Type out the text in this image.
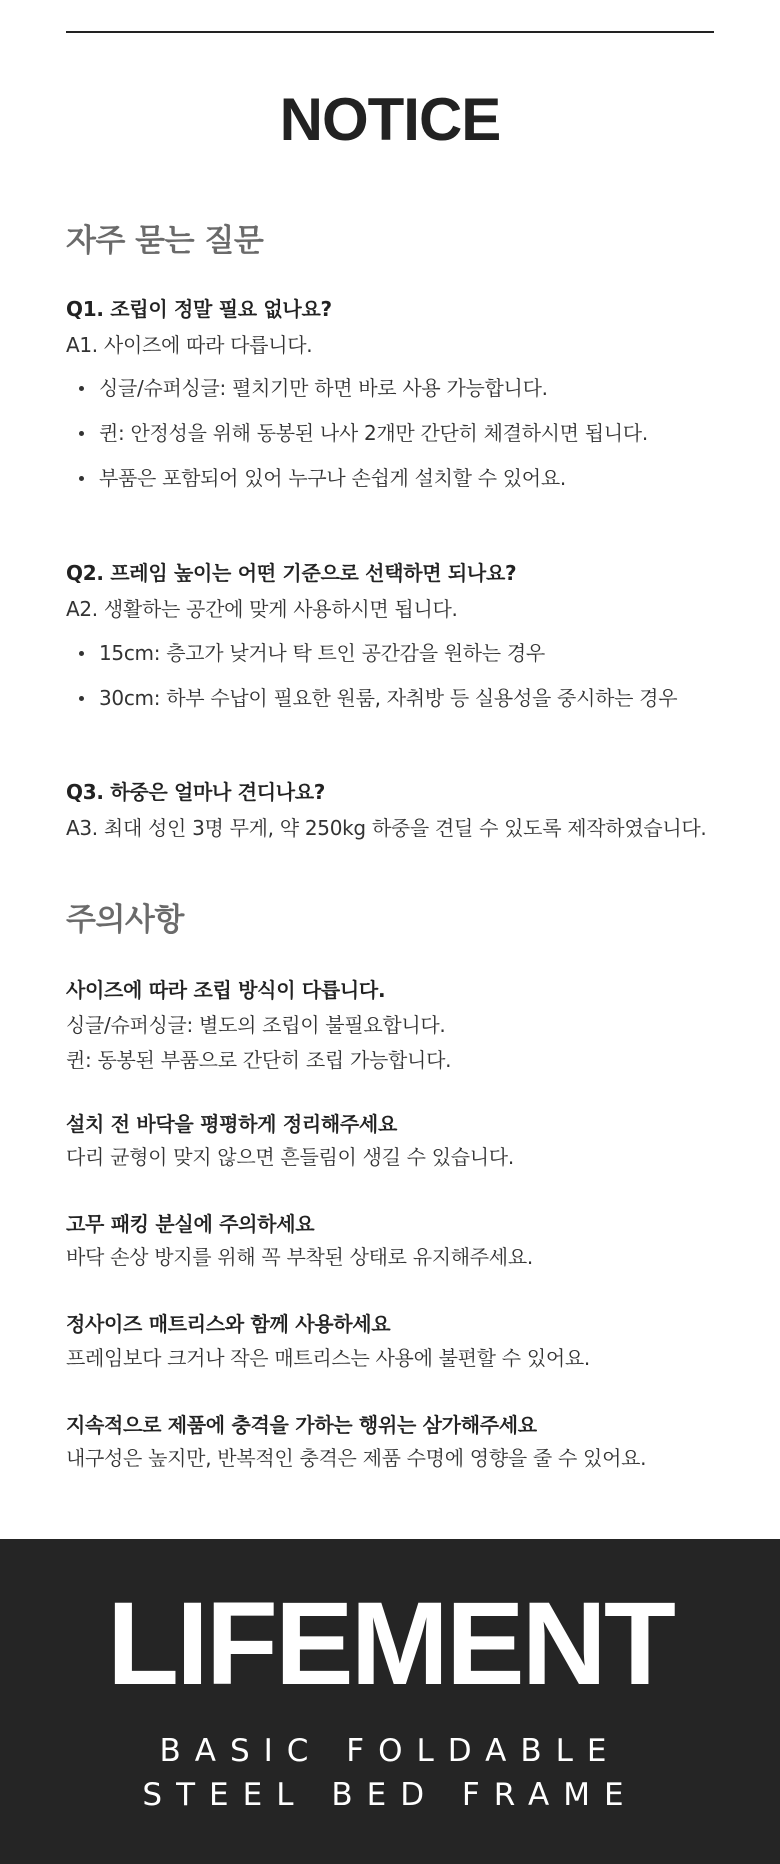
NOTICE
자주 묻는 질문
Q1. 조립이 정말 필요 없나요?
A1. 사이즈에 따라 다릅니다.
싱글/슈퍼싱글: 펼치기만 하면 바로 사용 가능합니다.
퀸: 안정성을 위해 동봉된 나사 2개만 간단히 체결하시면 됩니다.
부품은 포함되어 있어 누구나 손쉽게 설치할 수 있어요.
Q2. 프레임 높이는 어떤 기준으로 선택하면 되나요?
A2. 생활하는 공간에 맞게 사용하시면 됩니다.
15cm: 층고가 낮거나 탁 트인 공간감을 원하는 경우
30cm: 하부 수납이 필요한 원룸, 자취방 등 실용성을 중시하는 경우
Q3. 하중은 얼마나 견디나요?
A3. 최대 성인 3명 무게, 약 250kg 하중을 견딜 수 있도록 제작하였습니다.
주의사항
사이즈에 따라 조립 방식이 다릅니다.
싱글/슈퍼싱글: 별도의 조립이 불필요합니다.
퀸: 동봉된 부품으로 간단히 조립 가능합니다.
설치 전 바닥을 평평하게 정리해주세요
다리 균형이 맞지 않으면 흔들림이 생길 수 있습니다.
고무 패킹 분실에 주의하세요
바닥 손상 방지를 위해 꼭 부착된 상태로 유지해주세요.
정사이즈 매트리스와 함께 사용하세요
프레임보다 크거나 작은 매트리스는 사용에 불편할 수 있어요.
지속적으로 제품에 충격을 가하는 행위는 삼가해주세요
내구성은 높지만, 반복적인 충격은 제품 수명에 영향을 줄 수 있어요.
LIFEMENT
BASIC FOLDABLE
STEEL BED FRAME
